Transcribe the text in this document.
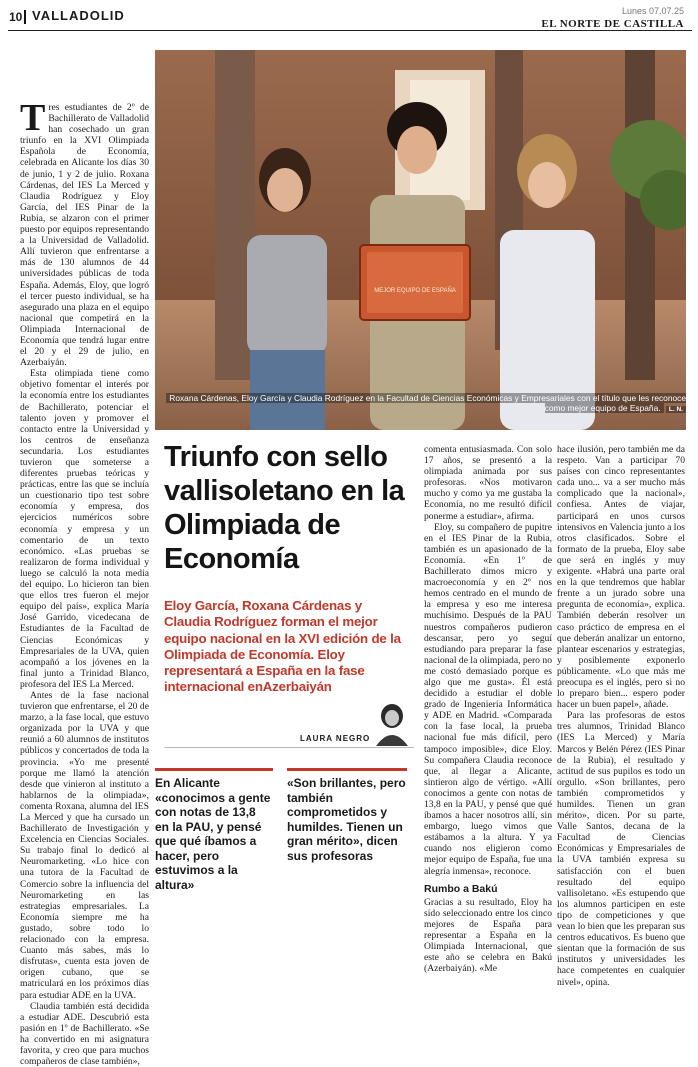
10 VALLADOLID	Lunes 07.07.25
EL NORTE DE CASTILLA
MEJOR EQUIPO DE ESPAÑA
Roxana Cárdenas, Eloy García y Claudia Rodríguez en la Facultad de Ciencias Económicas y Empresariales con el título que les reconoce como mejor equipo de España. L. N.

Tres estudiantes de 2º de Bachillerato de Valladolid han cosechado un gran triunfo en la XVI Olimpiada Española de Economía, celebrada en Alicante los días 30 de junio, 1 y 2 de julio. Roxana Cárdenas, del IES La Merced y Claudia Rodríguez y Eloy García, del IES Pinar de la Rubia, se alzaron con el primer puesto por equipos representando a la Universidad de Valladolid. Allí tuvieron que enfrentarse a más de 130 alumnos de 44 universidades públicas de toda España. Además, Eloy, que logró el tercer puesto individual, se ha asegurado una plaza en el equipo nacional que competirá en la Olimpiada Internacional de Economía que tendrá lugar entre el 20 y el 29 de julio, en Azerbaiyán.

Esta olimpiada tiene como objetivo fomentar el interés por la economía entre los estudiantes de Bachillerato, potenciar el talento joven y promover el contacto entre la Universidad y los centros de enseñanza secundaria. Los estudiantes tuvieron que someterse a diferentes pruebas teóricas y prácticas, entre las que se incluía un cuestionario tipo test sobre economía y empresa, dos ejercicios numéricos sobre economía y empresa y un comentario de un texto económico. «Las pruebas se realizaron de forma individual y luego se calculó la nota media del equipo. Lo hicieron tan bien que ellos tres fueron el mejor equipo del país», explica María José Garrido, vicedecana de Estudiantes de la Facultad de Ciencias Económicas y Empresariales de la UVA, quien acompañó a los jóvenes en la final junto a Trinidad Blanco, profesora del IES La Merced.

Antes de la fase nacional tuvieron que enfrentarse, el 20 de marzo, a la fase local, que estuvo organizada por la UVA y que reunió a 60 alumnos de institutos públicos y concertados de toda la provincia. «Yo me presenté porque me llamó la atención desde que vinieron al instituto a hablarnos de la olimpiada», comenta Roxana, alumna del IES La Merced y que ha cursado un Bachillerato de Investigación y Excelencia en Ciencias Sociales. Su trabajo final lo dedicó al Neuromarketing. «Lo hice con una tutora de la Facultad de Comercio sobre la influencia del Neuromarketing en las estrategias empresariales. La Economía siempre me ha gustado, sobre todo lo relacionado con la empresa. Cuanto más sabes, más lo disfrutas», cuenta esta joven de origen cubano, que se matriculará en los próximos días para estudiar ADE en la UVA.

Claudia también está decidida a estudiar ADE. Descubrió esta pasión en 1º de Bachillerato. «Se ha convertido en mi asignatura favorita, y creo que para muchos compañeros de clase también»,

Triunfo con sello vallisoletano en la Olimpiada de Economía
Eloy García, Roxana Cárdenas y Claudia Rodríguez forman el mejor equipo nacional en la XVI edición de la Olimpiada de Economía. Eloy representará a España en la fase internacional enAzerbaiyán
LAURA NEGRO
En Alicante «conocimos a gente con notas de 13,8 en la PAU, y pensé que qué íbamos a hacer, pero estuvimos a la altura»
«Son brillantes, pero también comprometidos y humildes. Tienen un gran mérito», dicen sus profesoras

comenta entusiasmada. Con solo 17 años, se presentó a la olimpiada animada por sus profesoras. «Nos motivaron mucho y como ya me gustaba la Economía, no me resultó difícil ponerme a estudiar», afirma.

Eloy, su compañero de pupitre en el IES Pinar de la Rubia, también es un apasionado de la Economía. «En 1º de Bachillerato dimos micro y macroeconomía y en 2º nos hemos centrado en el mundo de la empresa y eso me interesa muchísimo. Después de la PAU nuestros compañeros pudieron descansar, pero yo seguí estudiando para preparar la fase nacional de la olimpiada, pero no me costó demasiado porque es algo que me gusta». Él está decidido a estudiar el doble grado de Ingeniería Informática y ADE en Madrid. «Comparada con la fase local, la prueba nacional fue más difícil, pero tampoco imposible», dice Eloy. Su compañera Claudia reconoce que, al llegar a Alicante, sintieron algo de vértigo. «Allí conocimos a gente con notas de 13,8 en la PAU, y pensé que qué íbamos a hacer nosotros allí, sin embargo, luego vimos que estábamos a la altura. Y ya cuando nos eligieron como mejor equipo de España, fue una alegría inmensa», reconoce.

Rumbo a Bakú

Gracias a su resultado, Eloy ha sido seleccionado entre los cinco mejores de España para representar a España en la Olimpiada Internacional, que este año se celebra en Bakú (Azerbaiyán). «Me

hace ilusión, pero también me da respeto. Van a participar 70 países con cinco representantes cada uno... va a ser mucho más complicado que la nacional», confiesa. Antes de viajar, participará en unos cursos intensivos en Valencia junto a los otros clasificados. Sobre el formato de la prueba, Eloy sabe que será en inglés y muy exigente. «Habrá una parte oral en la que tendremos que hablar frente a un jurado sobre una pregunta de economía», explica. También deberán resolver un caso práctico de empresa en el que deberán analizar un entorno, plantear escenarios y estrategias, y posiblemente exponerlo públicamente. «Lo que más me preocupa es el inglés, pero si no lo preparo bien... espero poder hacer un buen papel», añade.

Para las profesoras de estos tres alumnos, Trinidad Blanco (IES La Merced) y María Marcos y Belén Pérez (IES Pinar de la Rubia), el resultado y actitud de sus pupilos es todo un orgullo. «Son brillantes, pero también comprometidos y humildes. Tienen un gran mérito», dicen. Por su parte, Valle Santos, decana de la Facultad de Ciencias Económicas y Empresariales de la UVA también expresa su satisfacción con el buen resultado del equipo vallisoletano. «Es estupendo que los alumnos participen en este tipo de competiciones y que vean lo bien que les preparan sus centros educativos. Es bueno que sientan que la formación de sus institutos y universidades les hace competentes en cualquier nivel», opina.
